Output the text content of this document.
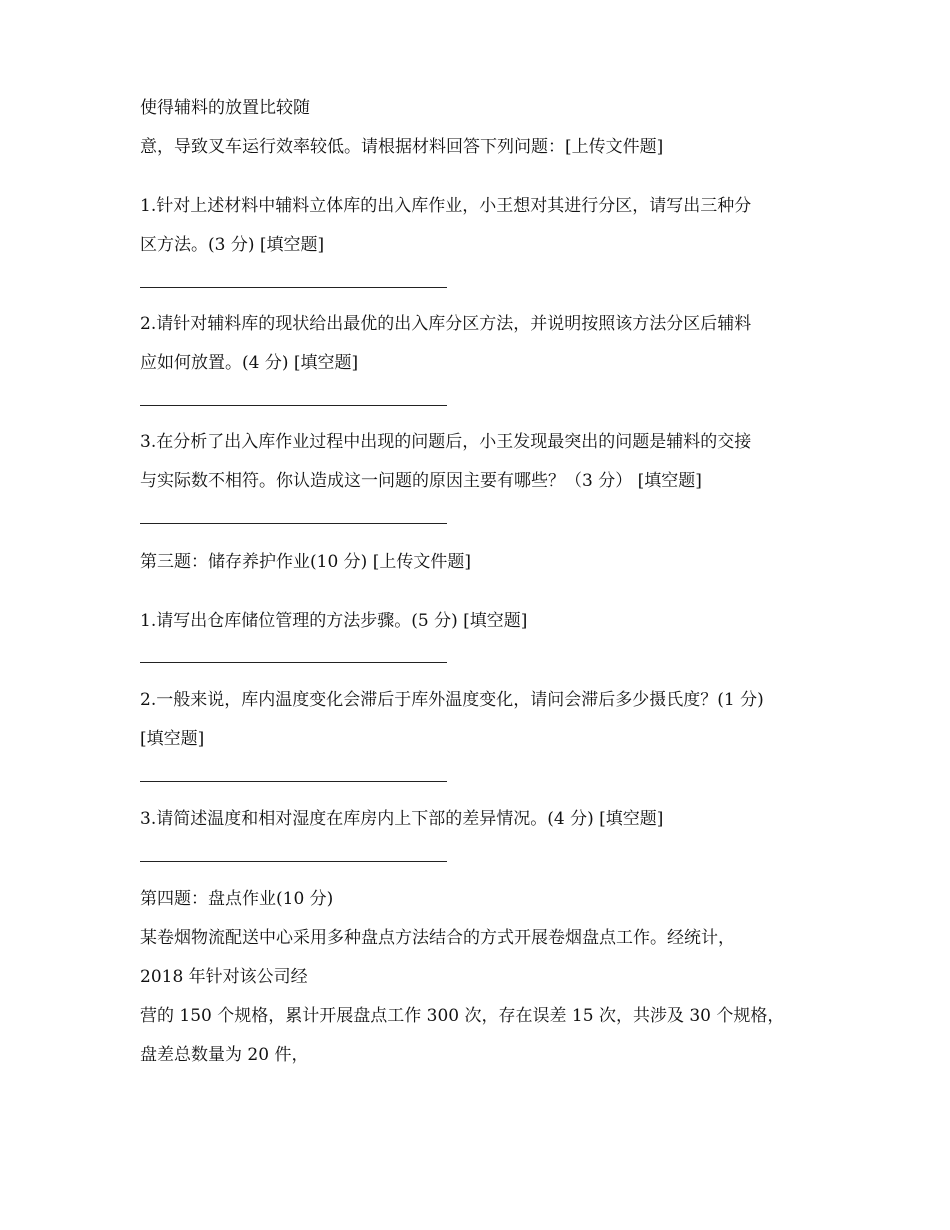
使得辅料的放置比较随
意，导致叉车运行效率较低。请根据材料回答下列问题：[上传文件题]
1.针对上述材料中辅料立体库的出入库作业，小王想对其进行分区，请写出三种分
区方法。(3 分) [填空题]
2.请针对辅料库的现状给出最优的出入库分区方法，并说明按照该方法分区后辅料
应如何放置。(4 分) [填空题]
3.在分析了出入库作业过程中出现的问题后，小王发现最突出的问题是辅料的交接
与实际数不相符。你认造成这一问题的原因主要有哪些？（3 分） [填空题]
第三题：储存养护作业(10 分) [上传文件题]
1.请写出仓库储位管理的方法步骤。(5 分) [填空题]
2.一般来说，库内温度变化会滞后于库外温度变化，请问会滞后多少摄氏度？(1 分)
[填空题]
3.请简述温度和相对湿度在库房内上下部的差异情况。(4 分) [填空题]
第四题：盘点作业(10 分)
某卷烟物流配送中心采用多种盘点方法结合的方式开展卷烟盘点工作。经统计，
2018 年针对该公司经
营的 150 个规格，累计开展盘点工作 300 次，存在误差 15 次，共涉及 30 个规格，
盘差总数量为 20 件，
